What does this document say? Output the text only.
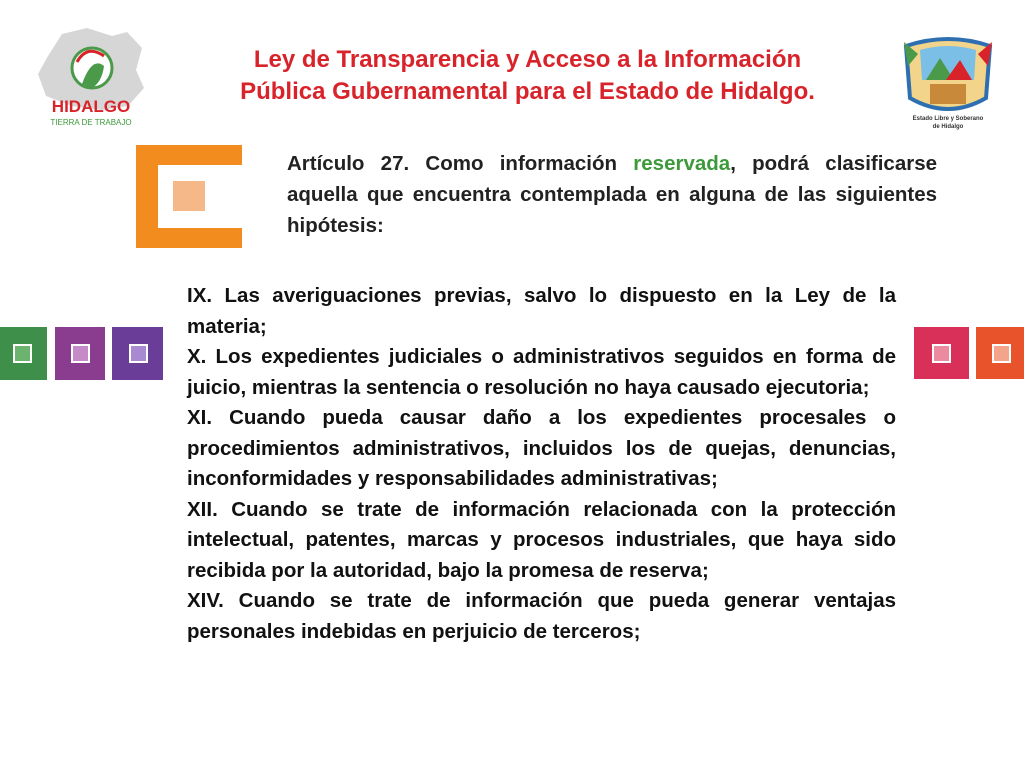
HIDALGO
TIERRA DE TRABAJO
Ley de Transparencia y Acceso a la Información
Pública Gubernamental para el Estado de Hidalgo.
Estado Libre y Soberano
de Hidalgo
Artículo 27. Como información reservada, podrá clasificarse aquella que encuentra contemplada en alguna de las siguientes hipótesis:
IX. Las averiguaciones previas, salvo lo dispuesto en la Ley de la materia;
X. Los expedientes judiciales o administrativos seguidos en forma de juicio, mientras la sentencia o resolución no haya causado ejecutoria;
XI. Cuando pueda causar daño a los expedientes procesales o procedimientos administrativos, incluidos los de quejas, denuncias, inconformidades y responsabilidades administrativas;
XII. Cuando se trate de información relacionada con la protección intelectual, patentes, marcas y procesos industriales, que haya sido recibida por la autoridad, bajo la promesa de reserva;
XIV. Cuando se trate de información que pueda generar ventajas personales indebidas en perjuicio de terceros;
